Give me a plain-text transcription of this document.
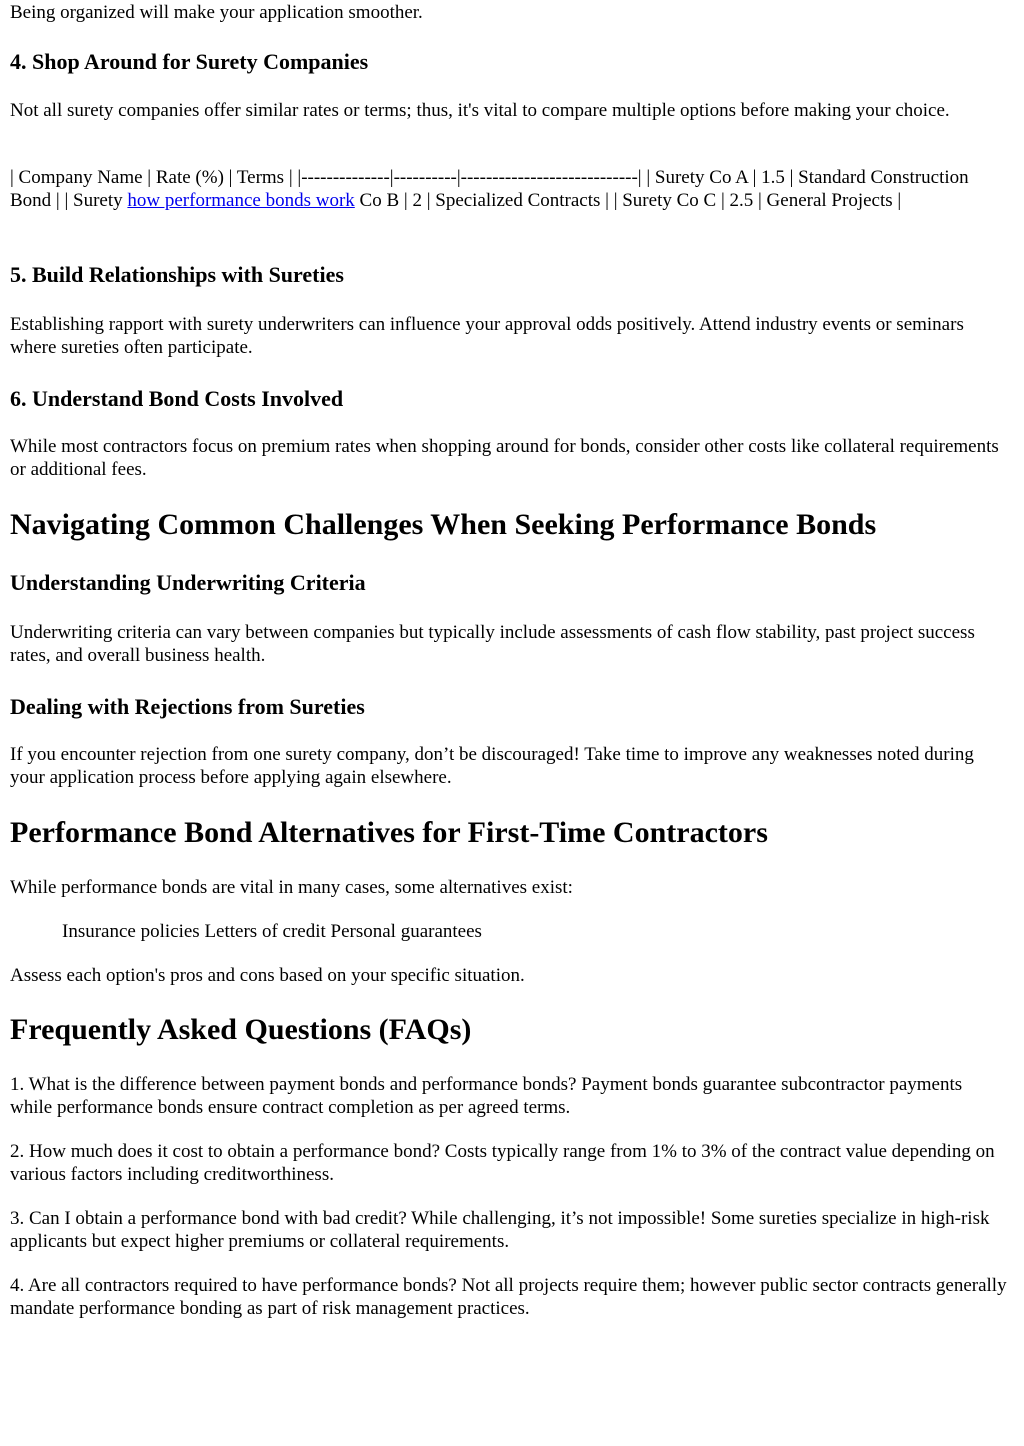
Being organized will make your application smoother.

4. Shop Around for Surety Companies

Not all surety companies offer similar rates or terms; thus, it's vital to compare multiple options before making your choice.

| Company Name | Rate (%) | Terms | |--------------|----------|----------------------------| | Surety Co A | 1.5 | Standard Construction Bond | | Surety how performance bonds work Co B | 2 | Specialized Contracts | | Surety Co C | 2.5 | General Projects |

5. Build Relationships with Sureties

Establishing rapport with surety underwriters can influence your approval odds positively. Attend industry events or seminars where sureties often participate.

6. Understand Bond Costs Involved

While most contractors focus on premium rates when shopping around for bonds, consider other costs like collateral requirements or additional fees.

Navigating Common Challenges When Seeking Performance Bonds
Understanding Underwriting Criteria

Underwriting criteria can vary between companies but typically include assessments of cash flow stability, past project success rates, and overall business health.

Dealing with Rejections from Sureties

If you encounter rejection from one surety company, don’t be discouraged! Take time to improve any weaknesses noted during your application process before applying again elsewhere.

Performance Bond Alternatives for First-Time Contractors

While performance bonds are vital in many cases, some alternatives exist:

Insurance policies Letters of credit Personal guarantees

Assess each option's pros and cons based on your specific situation.

Frequently Asked Questions (FAQs)

1. What is the difference between payment bonds and performance bonds? Payment bonds guarantee subcontractor payments while performance bonds ensure contract completion as per agreed terms.

2. How much does it cost to obtain a performance bond? Costs typically range from 1% to 3% of the contract value depending on various factors including creditworthiness.

3. Can I obtain a performance bond with bad credit? While challenging, it’s not impossible! Some sureties specialize in high-risk applicants but expect higher premiums or collateral requirements.

4. Are all contractors required to have performance bonds? Not all projects require them; however public sector contracts generally mandate performance bonding as part of risk management practices.
